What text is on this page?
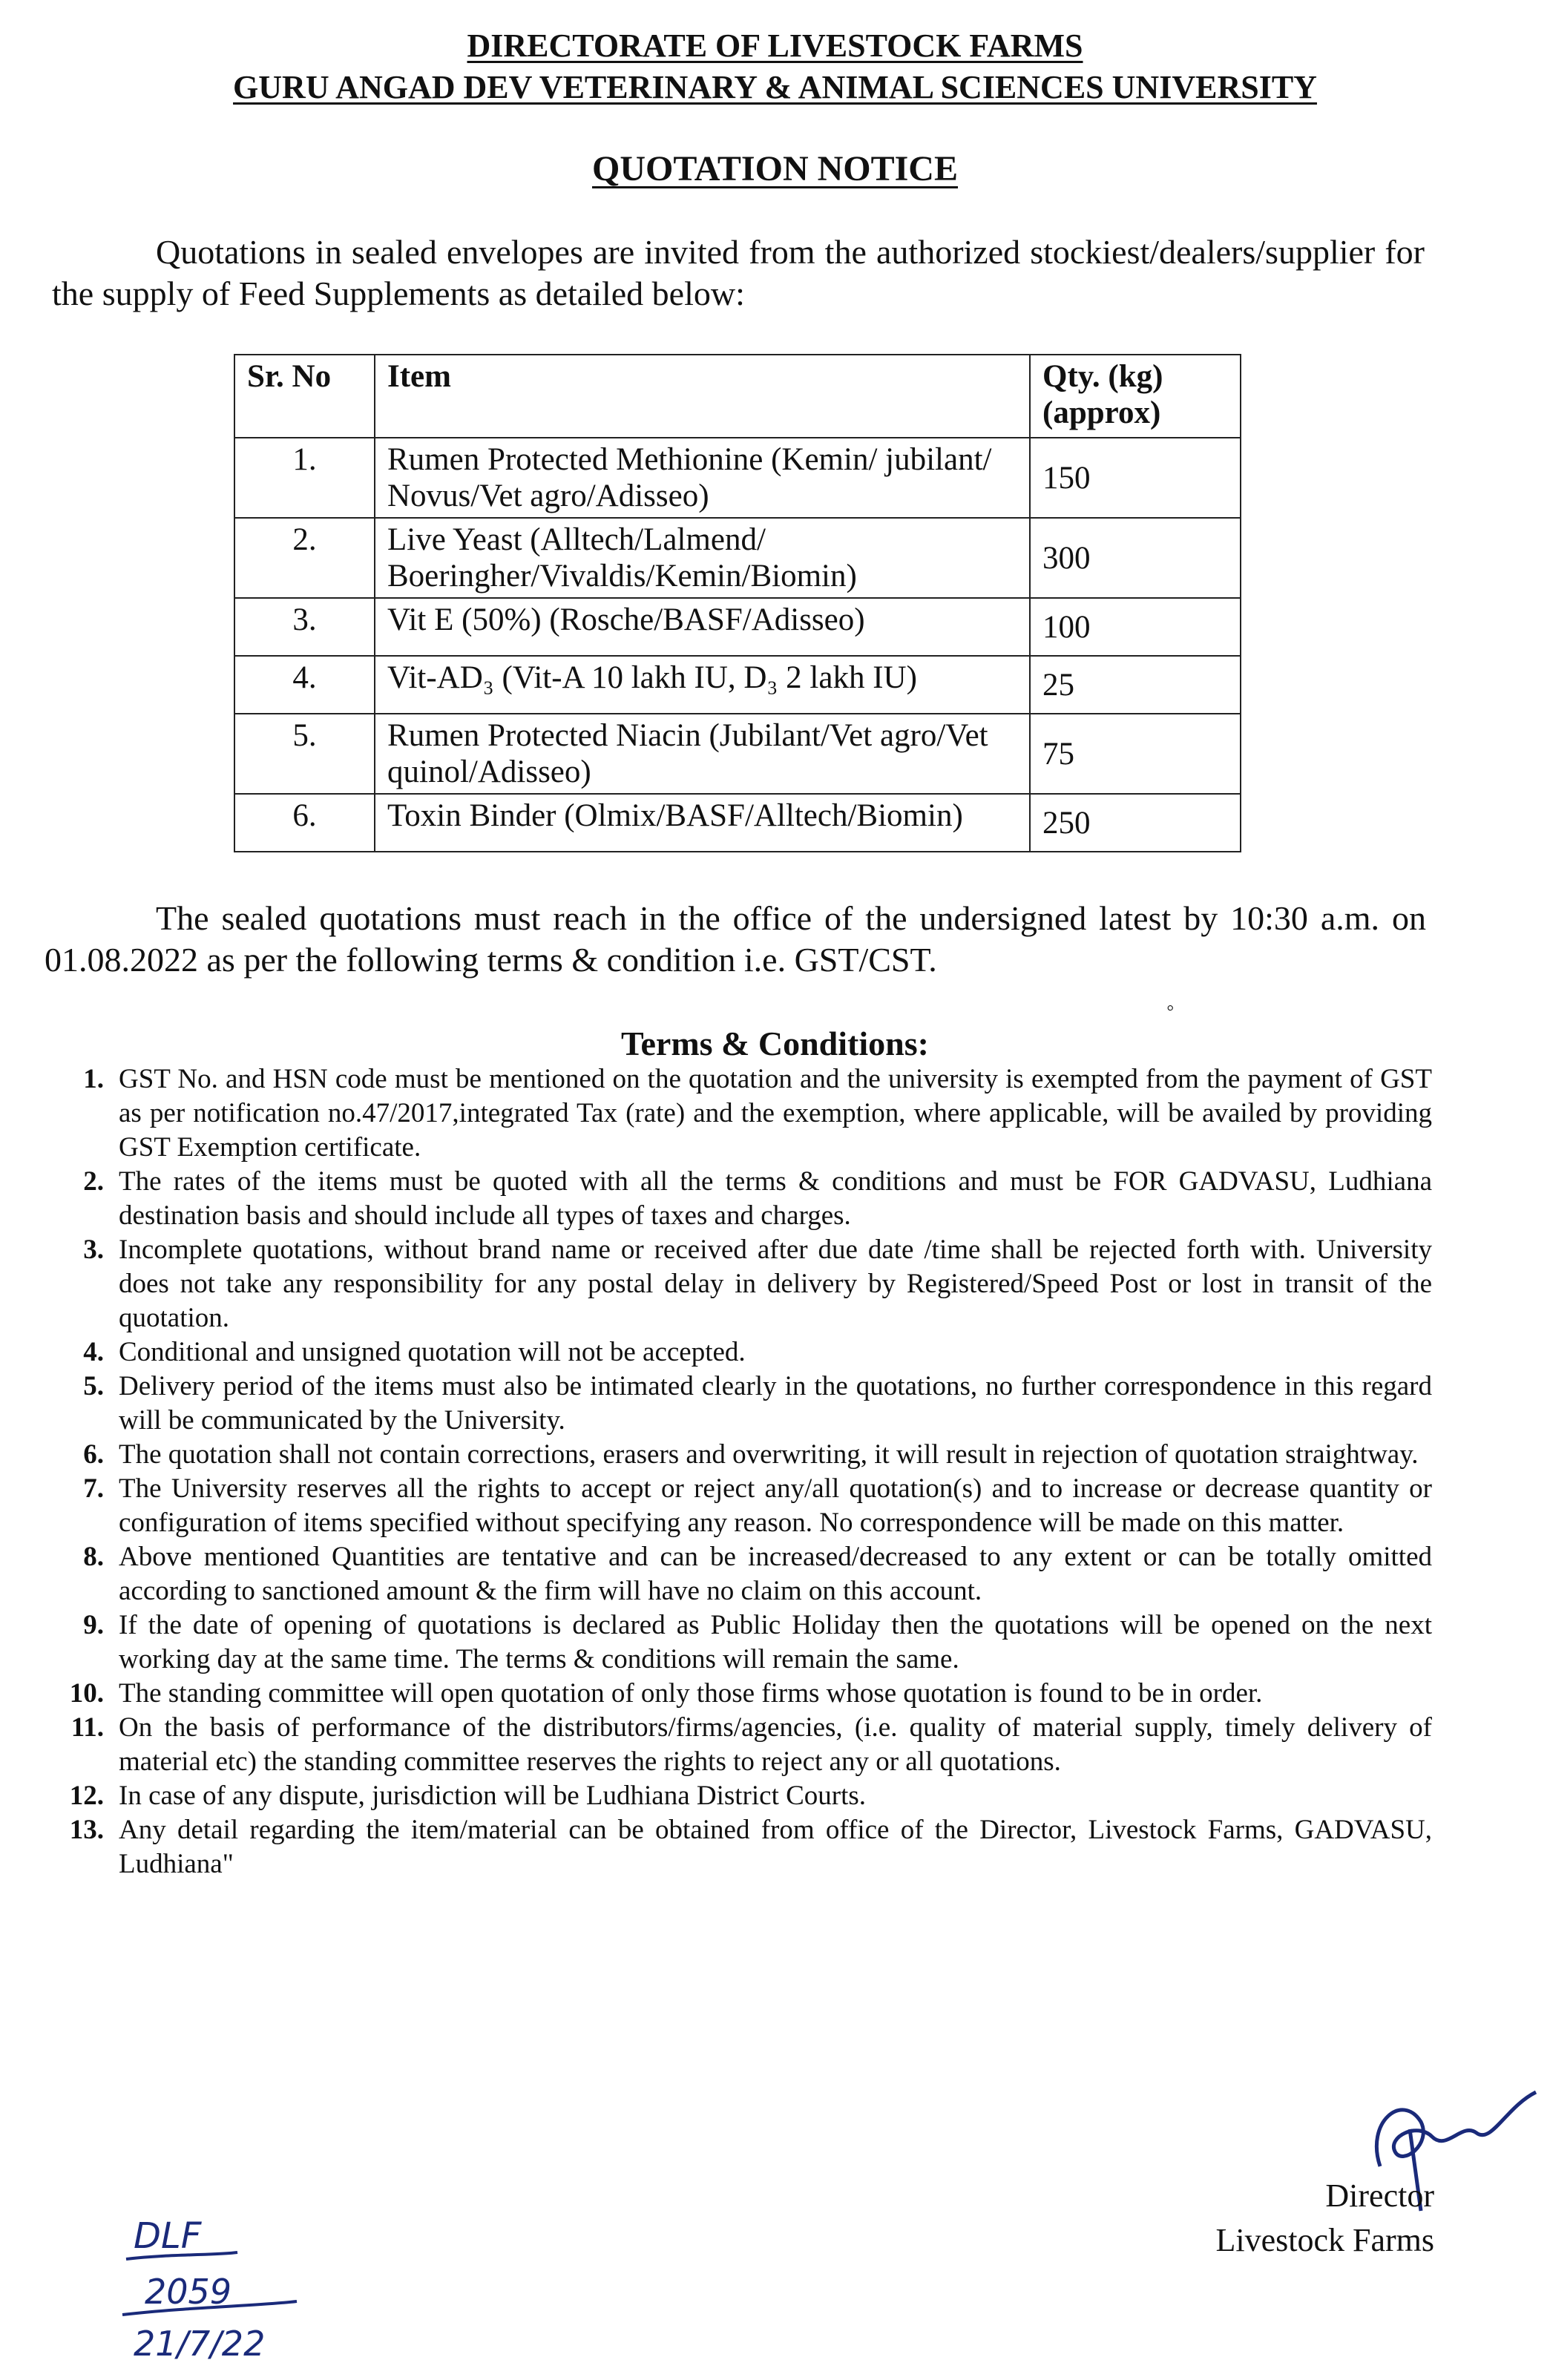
DIRECTORATE OF LIVESTOCK FARMS
GURU ANGAD DEV VETERINARY & ANIMAL SCIENCES UNIVERSITY
QUOTATION NOTICE

Quotations in sealed envelopes are invited from the authorized stockiest/dealers/supplier for the supply of Feed Supplements as detailed below:

Sr. No	Item	Qty. (kg) (approx)
1.	Rumen Protected Methionine (Kemin/ jubilant/ Novus/Vet agro/Adisseo)	150
2.	Live Yeast (Alltech/Lalmend/ Boeringher/Vivaldis/Kemin/Biomin)	300
3.	Vit E (50%) (Rosche/BASF/Adisseo)	100
4.	Vit-AD₃ (Vit-A 10 lakh IU, D₃ 2 lakh IU)	25
5.	Rumen Protected Niacin (Jubilant/Vet agro/Vet quinol/Adisseo)	75
6.	Toxin Binder (Olmix/BASF/Alltech/Biomin)	250

The sealed quotations must reach in the office of the undersigned latest by 10:30 a.m. on 01.08.2022 as per the following terms & condition i.e. GST/CST.

◦
Terms & Conditions:
1. GST No. and HSN code must be mentioned on the quotation and the university is exempted from the payment of GST as per notification no.47/2017,integrated Tax (rate) and the exemption, where applicable, will be availed by providing GST Exemption certificate.
2. The rates of the items must be quoted with all the terms & conditions and must be FOR GADVASU, Ludhiana destination basis and should include all types of taxes and charges.
3. Incomplete quotations, without brand name or received after due date /time shall be rejected forth with. University does not take any responsibility for any postal delay in delivery by Registered/Speed Post or lost in transit of the quotation.
4. Conditional and unsigned quotation will not be accepted.
5. Delivery period of the items must also be intimated clearly in the quotations, no further correspondence in this regard will be communicated by the University.
6. The quotation shall not contain corrections, erasers and overwriting, it will result in rejection of quotation straightway.
7. The University reserves all the rights to accept or reject any/all quotation(s) and to increase or decrease quantity or configuration of items specified without specifying any reason. No correspondence will be made on this matter.
8. Above mentioned Quantities are tentative and can be increased/decreased to any extent or can be totally omitted according to sanctioned amount & the firm will have no claim on this account.
9. If the date of opening of quotations is declared as Public Holiday then the quotations will be opened on the next working day at the same time. The terms & conditions will remain the same.
10. The standing committee will open quotation of only those firms whose quotation is found to be in order.
11. On the basis of performance of the distributors/firms/agencies, (i.e. quality of material supply, timely delivery of material etc) the standing committee reserves the rights to reject any or all quotations.
12. In case of any dispute, jurisdiction will be Ludhiana District Courts.
13. Any detail regarding the item/material can be obtained from office of the Director, Livestock Farms, GADVASU, Ludhiana"
Director
Livestock Farms
DLF
2059
21/7/22
